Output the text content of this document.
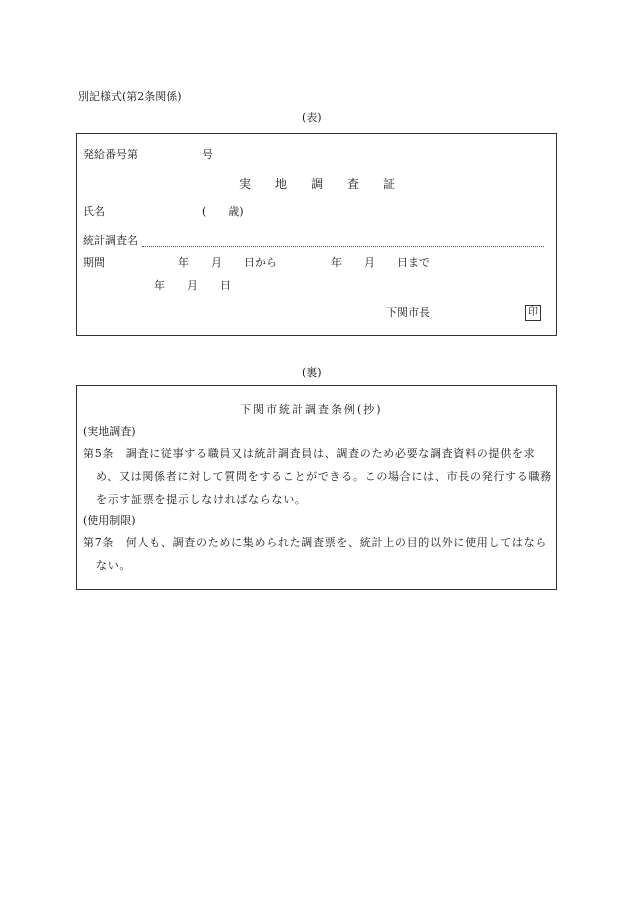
別記様式(第2条関係)
(表)
発給番号第	号
実　　地　　調　　査　　証
氏名	(　　歳)
統計調査名
期間	年　　月　　日から	年　　月　　日まで
年　　月　　日
下関市長	印
(裏)
下関市統計調査条例(抄)
(実地調査)
第5条　調査に従事する職員又は統計調査員は、調査のため必要な調査資料の提供を求め、又は関係者に対して質問をすることができる。この場合には、市長の発行する職務を示す証票を提示しなければならない。
(使用制限)
第7条　何人も、調査のために集められた調査票を、統計上の目的以外に使用してはならない。
